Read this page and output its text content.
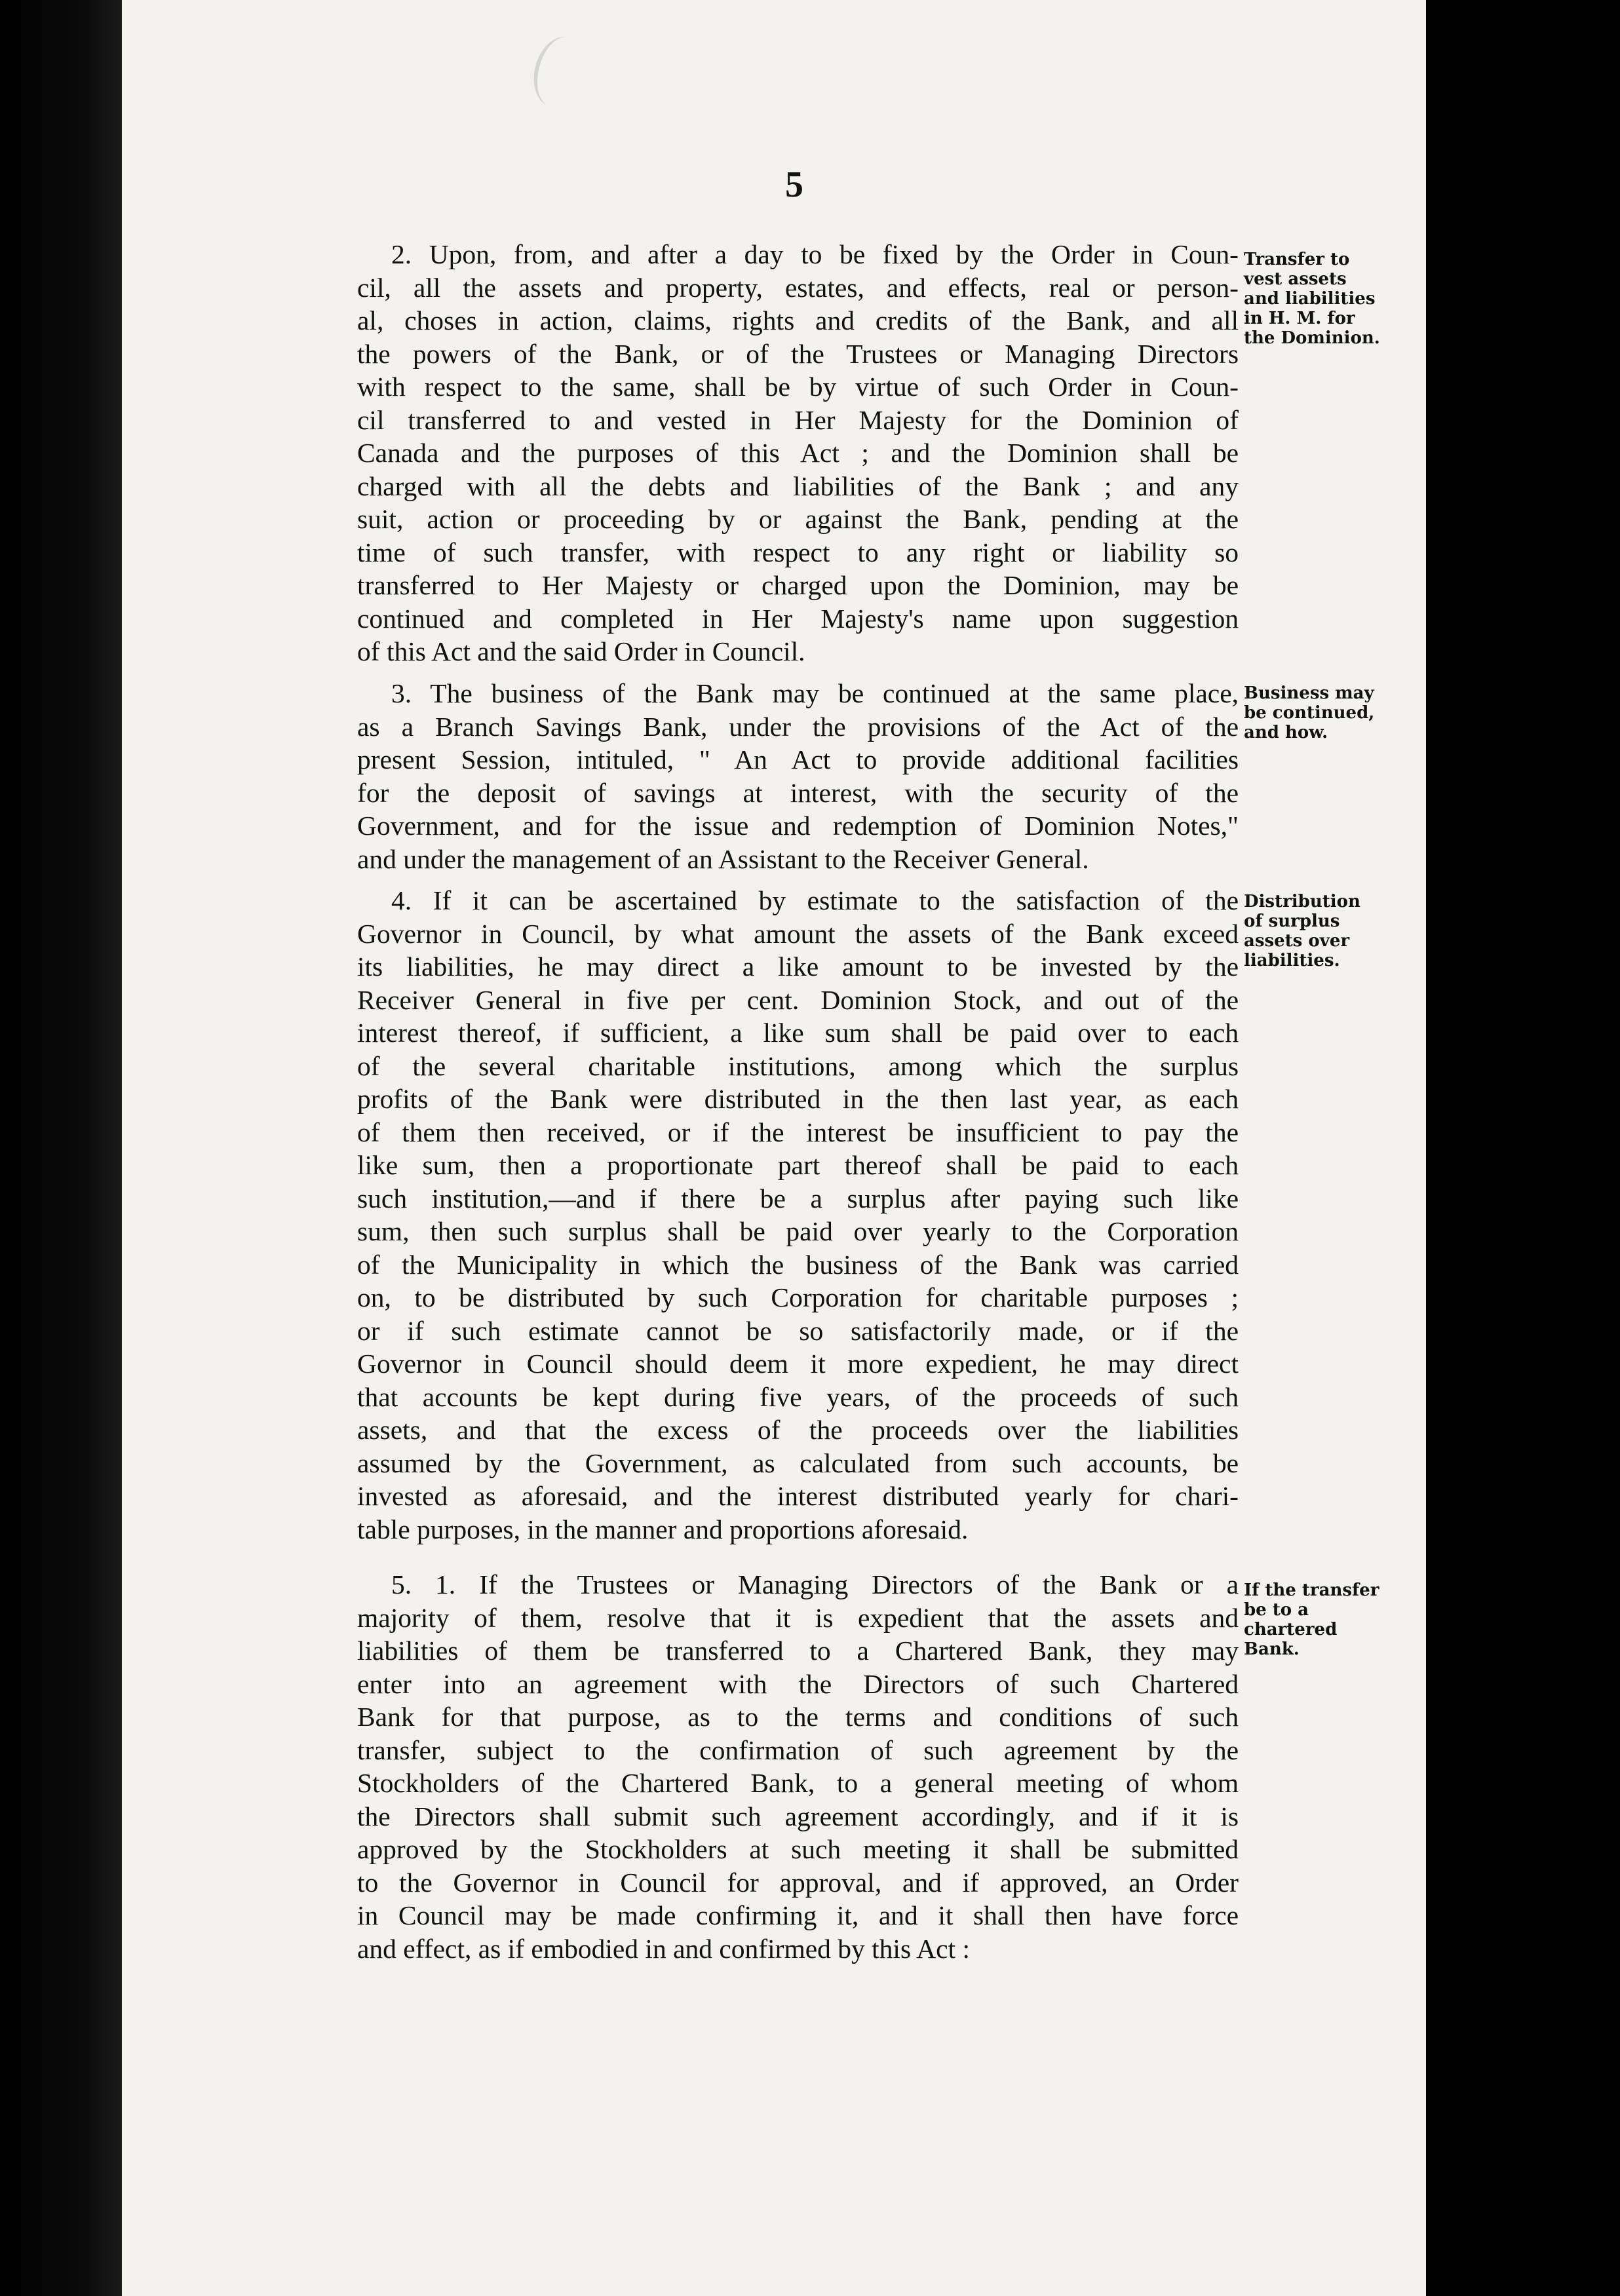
5

2. Upon, from, and after a day to be fixed by the Order in Coun-
cil, all the assets and property, estates, and effects, real or person-
al, choses in action, claims, rights and credits of the Bank, and all
the powers of the Bank, or of the Trustees or Managing Directors
with respect to the same, shall be by virtue of such Order in Coun-
cil transferred to and vested in Her Majesty for the Dominion of
Canada and the purposes of this Act ; and the Dominion shall be
charged with all the debts and liabilities of the Bank ; and any
suit, action or proceeding by or against the Bank, pending at the
time of such transfer, with respect to any right or liability so
transferred to Her Majesty or charged upon the Dominion, may be
continued and completed in Her Majesty's name upon suggestion
of this Act and the said Order in Council.

Transfer to
vest assets
and liabilities
in H. M. for
the Dominion.

3. The business of the Bank may be continued at the same place,
as a Branch Savings Bank, under the provisions of the Act of the
present Session, intituled, " An Act to provide additional facilities
for the deposit of savings at interest, with the security of the
Government, and for the issue and redemption of Dominion Notes,"
and under the management of an Assistant to the Receiver General.

Business may
be continued,
and how.

4. If it can be ascertained by estimate to the satisfaction of the
Governor in Council, by what amount the assets of the Bank exceed
its liabilities, he may direct a like amount to be invested by the
Receiver General in five per cent. Dominion Stock, and out of the
interest thereof, if sufficient, a like sum shall be paid over to each
of the several charitable institutions, among which the surplus
profits of the Bank were distributed in the then last year, as each
of them then received, or if the interest be insufficient to pay the
like sum, then a proportionate part thereof shall be paid to each
such institution,—and if there be a surplus after paying such like
sum, then such surplus shall be paid over yearly to the Corporation
of the Municipality in which the business of the Bank was carried
on, to be distributed by such Corporation for charitable purposes ;
or if such estimate cannot be so satisfactorily made, or if the
Governor in Council should deem it more expedient, he may direct
that accounts be kept during five years, of the proceeds of such
assets, and that the excess of the proceeds over the liabilities
assumed by the Government, as calculated from such accounts, be
invested as aforesaid, and the interest distributed yearly for chari-
table purposes, in the manner and proportions aforesaid.

Distribution
of surplus
assets over
liabilities.

5. 1. If the Trustees or Managing Directors of the Bank or a
majority of them, resolve that it is expedient that the assets and
liabilities of them be transferred to a Chartered Bank, they may
enter into an agreement with the Directors of such Chartered
Bank for that purpose, as to the terms and conditions of such
transfer, subject to the confirmation of such agreement by the
Stockholders of the Chartered Bank, to a general meeting of whom
the Directors shall submit such agreement accordingly, and if it is
approved by the Stockholders at such meeting it shall be submitted
to the Governor in Council for approval, and if approved, an Order
in Council may be made confirming it, and it shall then have force
and effect, as if embodied in and confirmed by this Act :

If the transfer
be to a
chartered
Bank.
